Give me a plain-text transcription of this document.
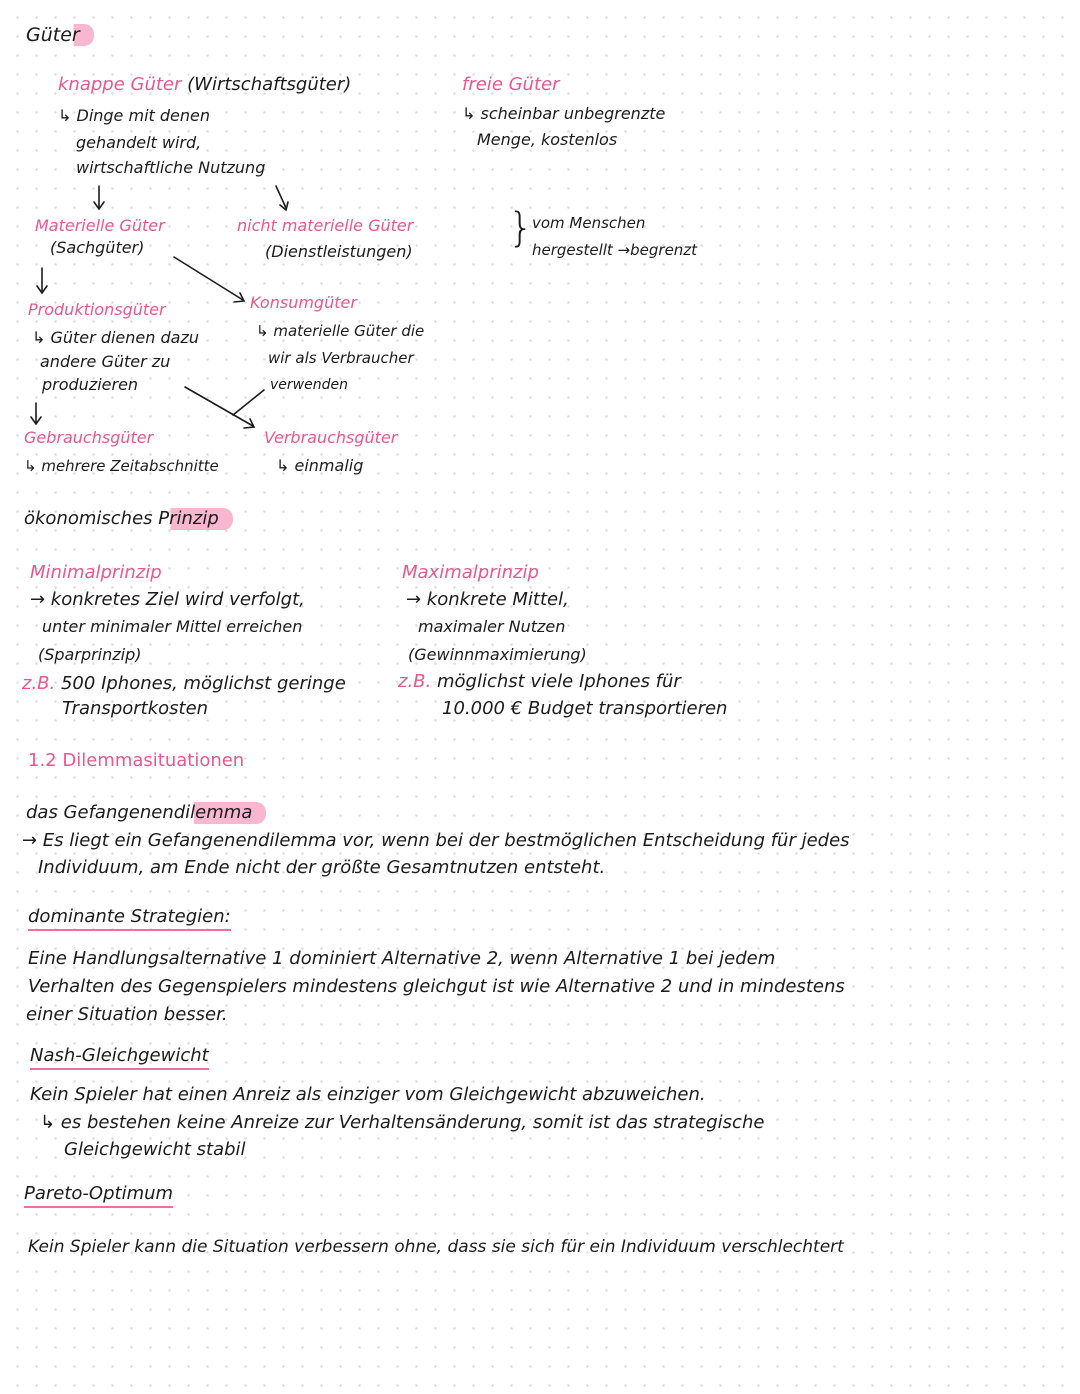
Güter
knappe Güter (Wirtschaftsgüter)
↳ Dinge mit denen
gehandelt wird,
wirtschaftliche Nutzung
freie Güter
↳ scheinbar unbegrenzte
Menge, kostenlos
}
vom Menschen
hergestellt →begrenzt
Materielle Güter
(Sachgüter)
nicht materielle Güter
(Dienstleistungen)
Produktionsgüter
↳ Güter dienen dazu
andere Güter zu
produzieren
Konsumgüter
↳ materielle Güter die
wir als Verbraucher
verwenden
Gebrauchsgüter
↳ mehrere Zeitabschnitte
Verbrauchsgüter
↳ einmalig
ökonomisches Prinzip
Minimalprinzip
→ konkretes Ziel wird verfolgt,
unter minimaler Mittel erreichen
(Sparprinzip)
z.B. 500 Iphones, möglichst geringe
Transportkosten
Maximalprinzip
→ konkrete Mittel,
maximaler Nutzen
(Gewinnmaximierung)
z.B. möglichst viele Iphones für
10.000 € Budget transportieren
1.2 Dilemmasituationen
das Gefangenendilemma
→ Es liegt ein Gefangenendilemma vor, wenn bei der bestmöglichen Entscheidung für jedes
Individuum, am Ende nicht der größte Gesamtnutzen entsteht.
dominante Strategien:
Eine Handlungsalternative 1 dominiert Alternative 2, wenn Alternative 1 bei jedem
Verhalten des Gegenspielers mindestens gleichgut ist wie Alternative 2 und in mindestens
einer Situation besser.
Nash-Gleichgewicht
Kein Spieler hat einen Anreiz als einziger vom Gleichgewicht abzuweichen.
↳ es bestehen keine Anreize zur Verhaltensänderung, somit ist das strategische
Gleichgewicht stabil
Pareto-Optimum
Kein Spieler kann die Situation verbessern ohne, dass sie sich für ein Individuum verschlechtert
